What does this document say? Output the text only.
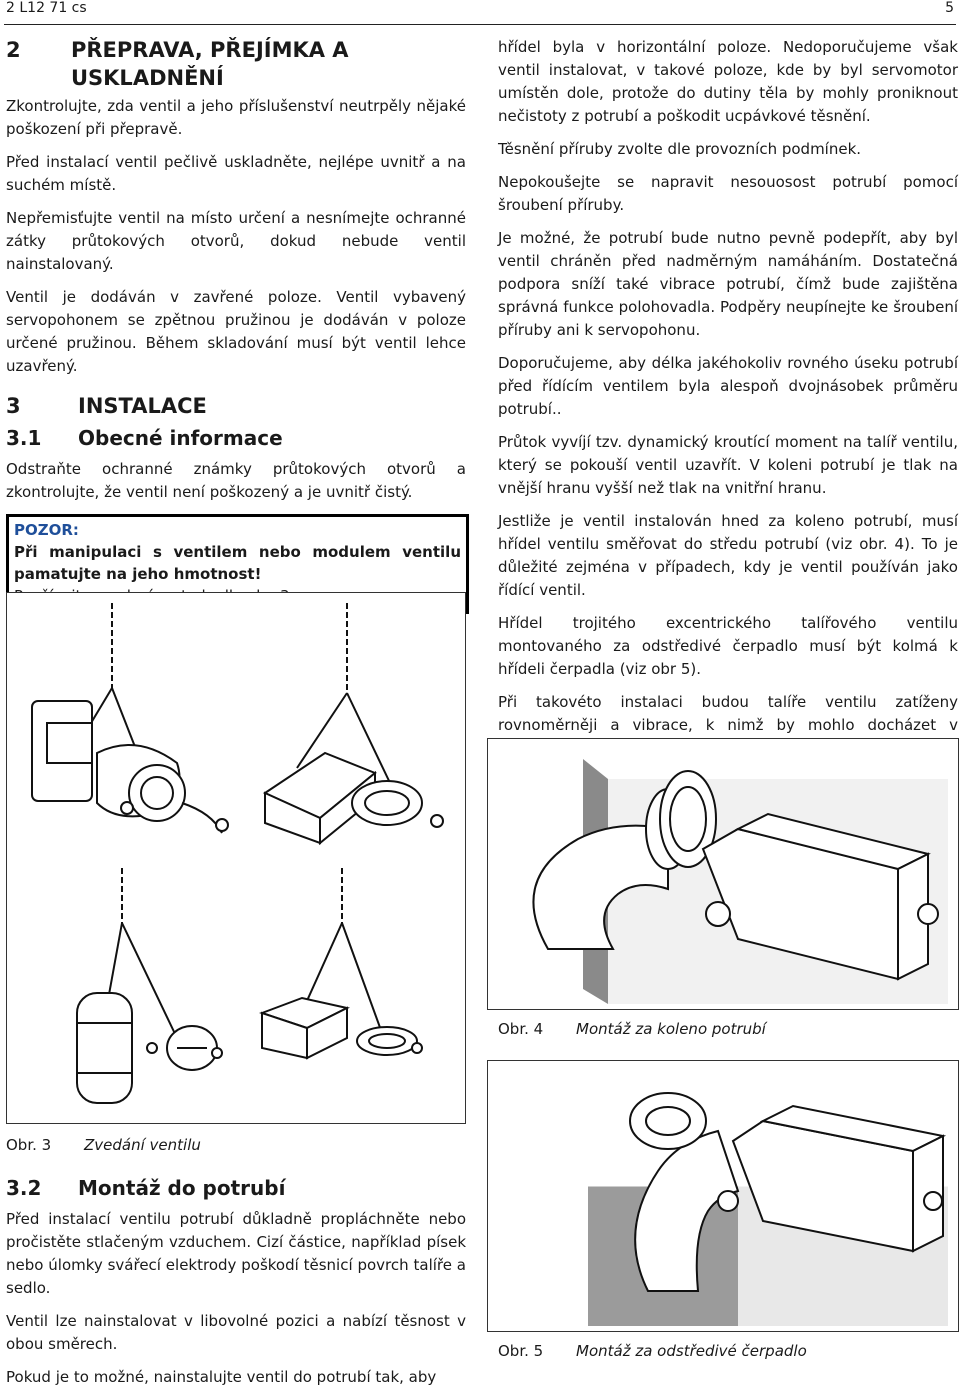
2 L12 71 cs	5
2	PŘEPRAVA, PŘEJÍMKA A USKLADNĚNÍ

Zkontrolujte, zda ventil a jeho příslušenství neutrpěly nějaké poškození při přepravě.

Před instalací ventil pečlivě uskladněte, nejlépe uvnitř a na suchém místě.

Nepřemisťujte ventil na místo určení a nesnímejte ochranné zátky průtokových otvorů, dokud nebude ventil nainstalovaný.

Ventil je dodáván v zavřené poloze. Ventil vybavený servopohonem se zpětnou pružinou je dodáván v poloze určené pružinou. Během skladování musí být ventil lehce uzavřený.

3	INSTALACE
3.1	Obecné informace

Odstraňte ochranné známky průtokových otvorů a zkontrolujte, že ventil není poškozený a je uvnitř čistý.

POZOR:
Při manipulaci s ventilem nebo modulem ventilu pamatujte na jeho hmotnost!
Obr. 3 Zvedání ventilu
3.2	Montáž do potrubí

Před instalací ventilu potrubí důkladně propláchněte nebo pročistěte stlačeným vzduchem. Cizí částice, například písek nebo úlomky svářecí elektrody poškodí těsnicí povrch talíře a sedlo.

Ventil lze nainstalovat v libovolné pozici a nabízí těsnost v obou směrech.

Pokud je to možné, nainstalujte ventil do potrubí tak, aby

hřídel byla v horizontální poloze. Nedoporučujeme však ventil instalovat, v takové poloze, kde by byl servomotor umístěn dole, protože do dutiny těla by mohly proniknout nečistoty z potrubí a poškodit ucpávkové těsnění.

Těsnění příruby zvolte dle provozních podmínek.

Nepokoušejte se napravit nesouosost potrubí pomocí šroubení příruby.

Je možné, že potrubí bude nutno pevně podepřít, aby byl ventil chráněn před nadměrným namáháním. Dostatečná podpora sníží také vibrace potrubí, čímž bude zajištěna správná funkce polohovadla. Podpěry neupínejte ke šroubení příruby ani k servopohonu.

Doporučujeme, aby délka jakéhokoliv rovného úseku potrubí před řídícím ventilem byla alespoň dvojnásobek průměru potrubí..

Průtok vyvíjí tzv. dynamický kroutící moment na talíř ventilu, který se pokouší ventil uzavřít. V koleni potrubí je tlak na vnější hranu vyšší než tlak na vnitřní hranu.

Jestliže je ventil instalován hned za koleno potrubí, musí hřídel ventilu směřovat do středu potrubí (viz obr. 4). To je důležité zejména v případech, kdy je ventil používán jako řídící ventil.

Hřídel trojitého excentrického talířového ventilu montovaného za odstředivé čerpadlo musí být kolmá k hřídeli čerpadla (viz obr 5).

Při takovéto instalaci budou talíře ventilu zatíženy rovnoměrněji a vibrace, k nimž by mohlo docházet v

Obr. 4 Montáž za koleno potrubí
Obr. 5 Montáž za odstředivé čerpadlo
